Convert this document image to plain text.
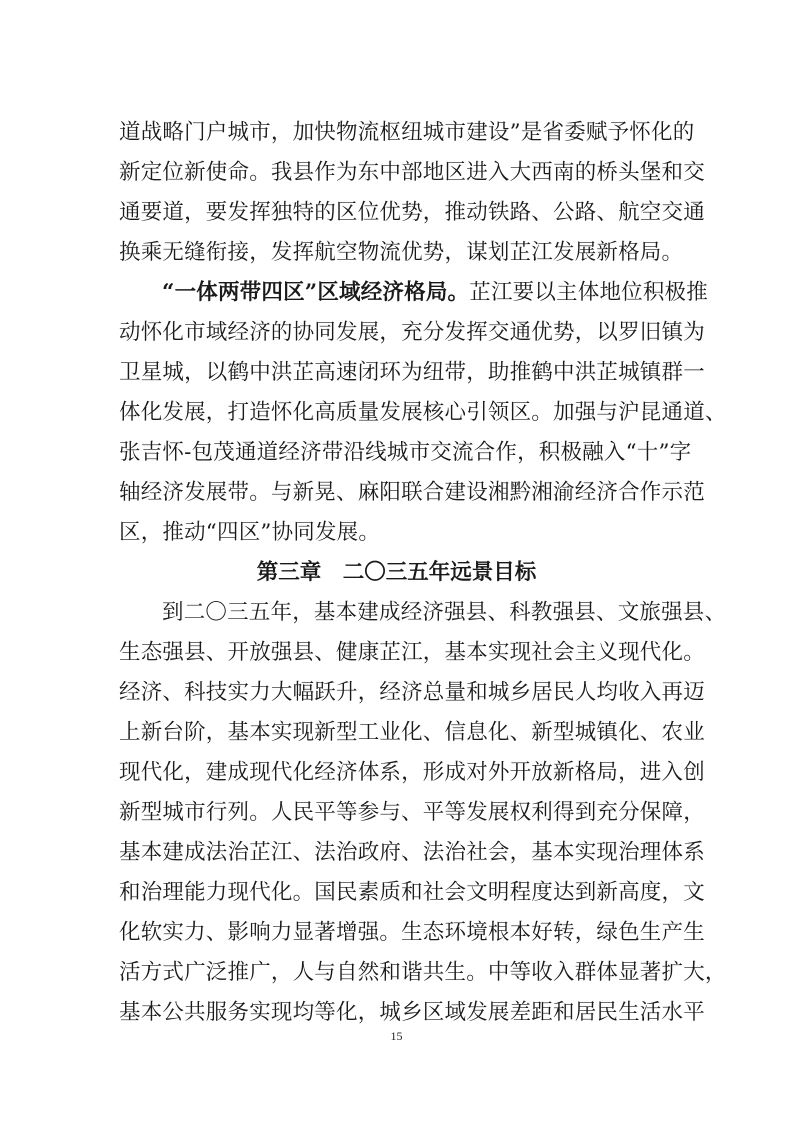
道战略门户城市，加快物流枢纽城市建设”是省委赋予怀化的
新定位新使命。我县作为东中部地区进入大西南的桥头堡和交
通要道，要发挥独特的区位优势，推动铁路、公路、航空交通
换乘无缝衔接，发挥航空物流优势，谋划芷江发展新格局。
“一体两带四区”区域经济格局。芷江要以主体地位积极推
动怀化市域经济的协同发展，充分发挥交通优势，以罗旧镇为
卫星城，以鹤中洪芷高速闭环为纽带，助推鹤中洪芷城镇群一
体化发展，打造怀化高质量发展核心引领区。加强与沪昆通道、
张吉怀-包茂通道经济带沿线城市交流合作，积极融入“十”字
轴经济发展带。与新晃、麻阳联合建设湘黔湘渝经济合作示范
区，推动“四区”协同发展。
第三章　二〇三五年远景目标
到二〇三五年，基本建成经济强县、科教强县、文旅强县、
生态强县、开放强县、健康芷江，基本实现社会主义现代化。
经济、科技实力大幅跃升，经济总量和城乡居民人均收入再迈
上新台阶，基本实现新型工业化、信息化、新型城镇化、农业
现代化，建成现代化经济体系，形成对外开放新格局，进入创
新型城市行列。人民平等参与、平等发展权利得到充分保障，
基本建成法治芷江、法治政府、法治社会，基本实现治理体系
和治理能力现代化。国民素质和社会文明程度达到新高度，文
化软实力、影响力显著增强。生态环境根本好转，绿色生产生
活方式广泛推广，人与自然和谐共生。中等收入群体显著扩大，
基本公共服务实现均等化，城乡区域发展差距和居民生活水平
15
